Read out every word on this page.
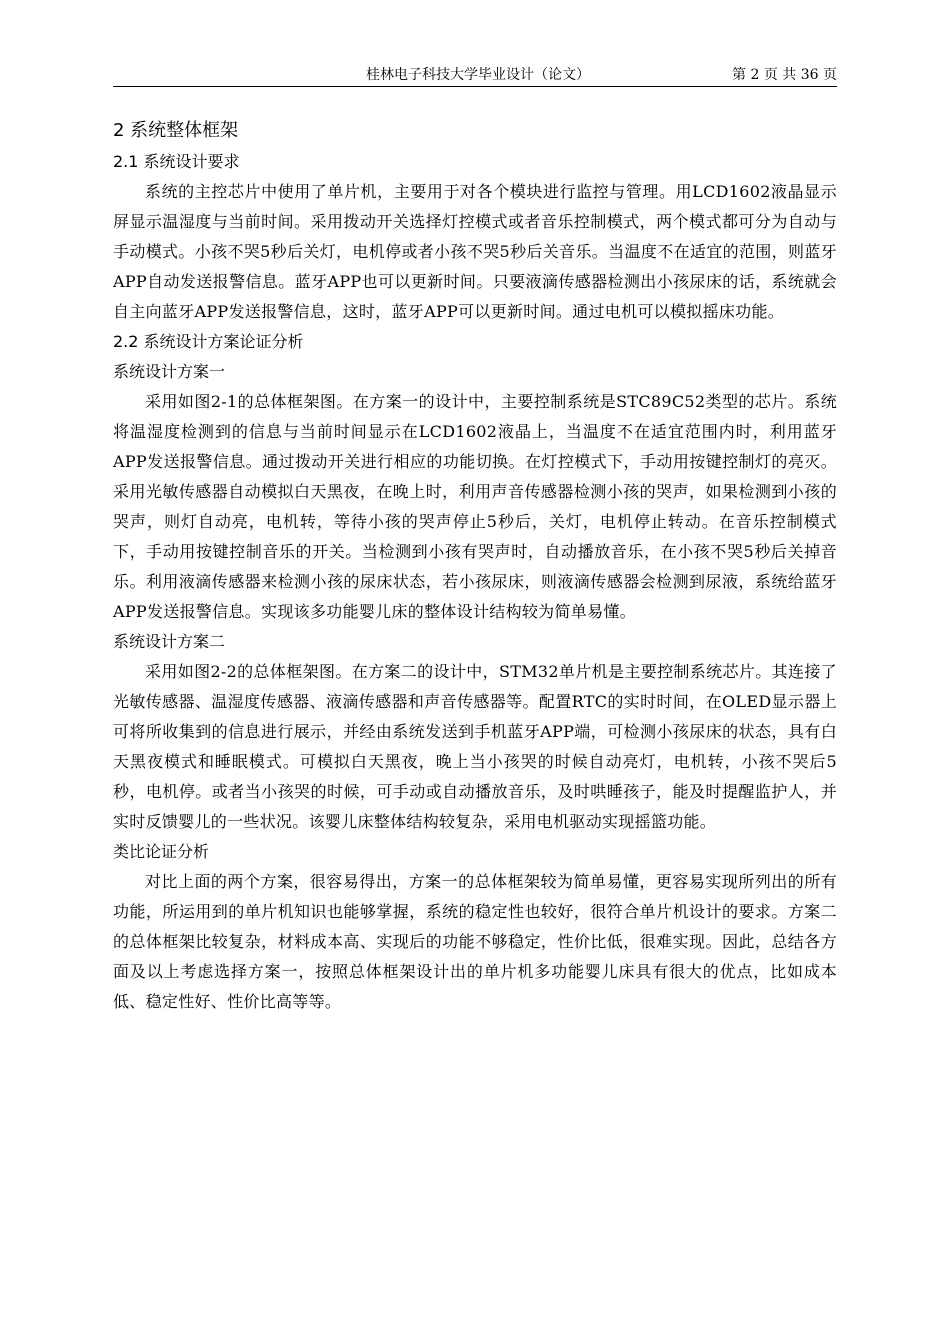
桂林电子科技大学毕业设计（论文）	第 2 页 共 36 页
2 系统整体框架
2.1 系统设计要求

系统的主控芯片中使用了单片机，主要用于对各个模块进行监控与管理。用LCD1602液晶显示屏显示温湿度与当前时间。采用拨动开关选择灯控模式或者音乐控制模式，两个模式都可分为自动与手动模式。小孩不哭5秒后关灯，电机停或者小孩不哭5秒后关音乐。当温度不在适宜的范围，则蓝牙APP自动发送报警信息。蓝牙APP也可以更新时间。只要液滴传感器检测出小孩尿床的话，系统就会自主向蓝牙APP发送报警信息，这时，蓝牙APP可以更新时间。通过电机可以模拟摇床功能。

2.2 系统设计方案论证分析
系统设计方案一

采用如图2-1的总体框架图。在方案一的设计中，主要控制系统是STC89C52类型的芯片。系统将温湿度检测到的信息与当前时间显示在LCD1602液晶上，当温度不在适宜范围内时，利用蓝牙APP发送报警信息。通过拨动开关进行相应的功能切换。在灯控模式下，手动用按键控制灯的亮灭。采用光敏传感器自动模拟白天黑夜，在晚上时，利用声音传感器检测小孩的哭声，如果检测到小孩的哭声，则灯自动亮，电机转，等待小孩的哭声停止5秒后，关灯，电机停止转动。在音乐控制模式下，手动用按键控制音乐的开关。当检测到小孩有哭声时，自动播放音乐，在小孩不哭5秒后关掉音乐。利用液滴传感器来检测小孩的尿床状态，若小孩尿床，则液滴传感器会检测到尿液，系统给蓝牙APP发送报警信息。实现该多功能婴儿床的整体设计结构较为简单易懂。

系统设计方案二

采用如图2-2的总体框架图。在方案二的设计中，STM32单片机是主要控制系统芯片。其连接了光敏传感器、温湿度传感器、液滴传感器和声音传感器等。配置RTC的实时时间，在OLED显示器上可将所收集到的信息进行展示，并经由系统发送到手机蓝牙APP端，可检测小孩尿床的状态，具有白天黑夜模式和睡眠模式。可模拟白天黑夜，晚上当小孩哭的时候自动亮灯，电机转，小孩不哭后5秒，电机停。或者当小孩哭的时候，可手动或自动播放音乐，及时哄睡孩子，能及时提醒监护人，并实时反馈婴儿的一些状况。该婴儿床整体结构较复杂，采用电机驱动实现摇篮功能。

类比论证分析

对比上面的两个方案，很容易得出，方案一的总体框架较为简单易懂，更容易实现所列出的所有功能，所运用到的单片机知识也能够掌握，系统的稳定性也较好，很符合单片机设计的要求。方案二的总体框架比较复杂，材料成本高、实现后的功能不够稳定，性价比低，很难实现。因此，总结各方面及以上考虑选择方案一，按照总体框架设计出的单片机多功能婴儿床具有很大的优点，比如成本低、稳定性好、性价比高等等。
